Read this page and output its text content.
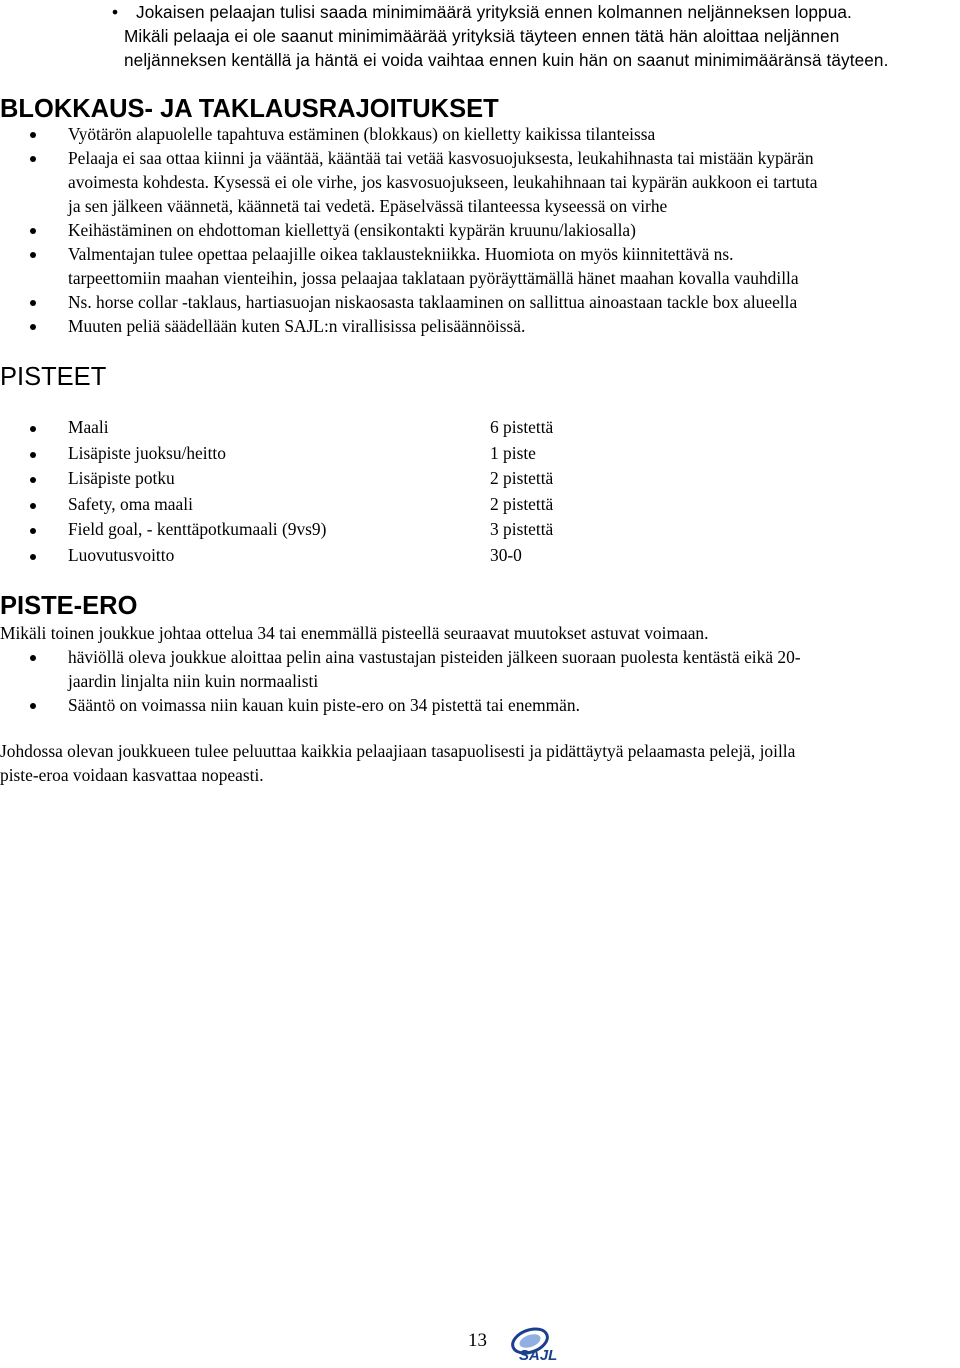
• Jokaisen pelaajan tulisi saada minimimäärä yrityksiä ennen kolmannen neljänneksen loppua.
Mikäli pelaaja ei ole saanut minimimäärää yrityksiä täyteen ennen tätä hän aloittaa neljännen
neljänneksen kentällä ja häntä ei voida vaihtaa ennen kuin hän on saanut minimimääränsä täyteen.
BLOKKAUS- JA TAKLAUSRAJOITUKSET
Vyötärön alapuolelle tapahtuva estäminen (blokkaus) on kielletty kaikissa tilanteissa
Pelaaja ei saa ottaa kiinni ja vääntää, kääntää tai vetää kasvosuojuksesta, leukahihnasta tai mistään kypärän
avoimesta kohdesta. Kysessä ei ole virhe, jos kasvosuojukseen, leukahihnaan tai kypärän aukkoon ei tartuta
ja sen jälkeen väännetä, käännetä tai vedetä. Epäselvässä tilanteessa kyseessä on virhe
Keihästäminen on ehdottoman kiellettyä (ensikontakti kypärän kruunu/lakiosalla)
Valmentajan tulee opettaa pelaajille oikea taklaustekniikka. Huomiota on myös kiinnitettävä ns.
tarpeettomiin maahan vienteihin, jossa pelaajaa taklataan pyöräyttämällä hänet maahan kovalla vauhdilla
Ns. horse collar -taklaus, hartiasuojan niskaosasta taklaaminen on sallittua ainoastaan tackle box alueella
Muuten peliä säädellään kuten SAJL:n virallisissa pelisäännöissä.
PISTEET
Maali	6 pistettä
Lisäpiste juoksu/heitto	1 piste
Lisäpiste potku	2 pistettä
Safety, oma maali	2 pistettä
Field goal, - kenttäpotkumaali (9vs9)	3 pistettä
Luovutusvoitto	30-0
PISTE-ERO
Mikäli toinen joukkue johtaa ottelua 34 tai enemmällä pisteellä seuraavat muutokset astuvat voimaan.
häviöllä oleva joukkue aloittaa pelin aina vastustajan pisteiden jälkeen suoraan puolesta kentästä eikä 20-
jaardin linjalta niin kuin normaalisti
Sääntö on voimassa niin kauan kuin piste-ero on 34 pistettä tai enemmän.
Johdossa olevan joukkueen tulee peluuttaa kaikkia pelaajiaan tasapuolisesti ja pidättäytyä pelaamasta pelejä, joilla
piste-eroa voidaan kasvattaa nopeasti.
13
SAJL
